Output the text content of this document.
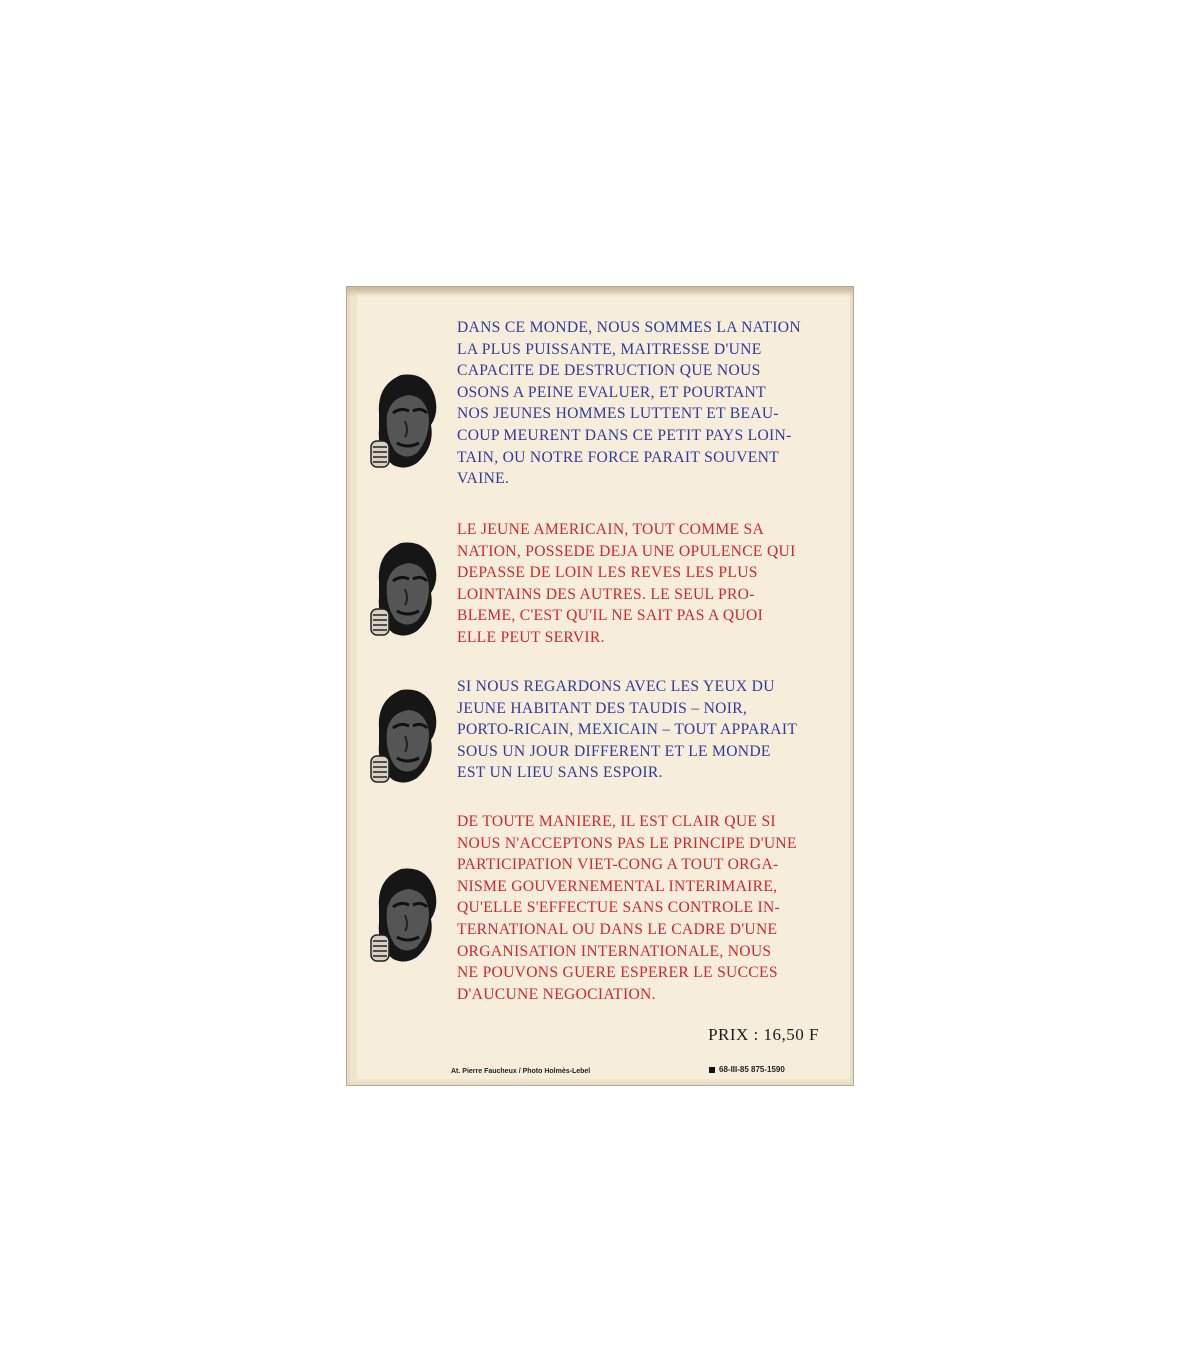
DANS CE MONDE, NOUS SOMMES LA NATION
LA PLUS PUISSANTE, MAITRESSE D'UNE
CAPACITE DE DESTRUCTION QUE NOUS
OSONS A PEINE EVALUER, ET POURTANT
NOS JEUNES HOMMES LUTTENT ET BEAU-
COUP MEURENT DANS CE PETIT PAYS LOIN-
TAIN, OU NOTRE FORCE PARAIT SOUVENT
VAINE.

LE JEUNE AMERICAIN, TOUT COMME SA
NATION, POSSEDE DEJA UNE OPULENCE QUI
DEPASSE DE LOIN LES REVES LES PLUS
LOINTAINS DES AUTRES. LE SEUL PRO-
BLEME, C'EST QU'IL NE SAIT PAS A QUOI
ELLE PEUT SERVIR.

SI NOUS REGARDONS AVEC LES YEUX DU
JEUNE HABITANT DES TAUDIS – NOIR,
PORTO-RICAIN, MEXICAIN – TOUT APPARAIT
SOUS UN JOUR DIFFERENT ET LE MONDE
EST UN LIEU SANS ESPOIR.

DE TOUTE MANIERE, IL EST CLAIR QUE SI
NOUS N'ACCEPTONS PAS LE PRINCIPE D'UNE
PARTICIPATION VIET-CONG A TOUT ORGA-
NISME GOUVERNEMENTAL INTERIMAIRE,
QU'ELLE S'EFFECTUE SANS CONTROLE IN-
TERNATIONAL OU DANS LE CADRE D'UNE
ORGANISATION INTERNATIONALE, NOUS
NE POUVONS GUERE ESPERER LE SUCCES
D'AUCUNE NEGOCIATION.

PRIX : 16,50 F
At. Pierre Faucheux / Photo Holmès-Lebel	68-III-85 875-1590
